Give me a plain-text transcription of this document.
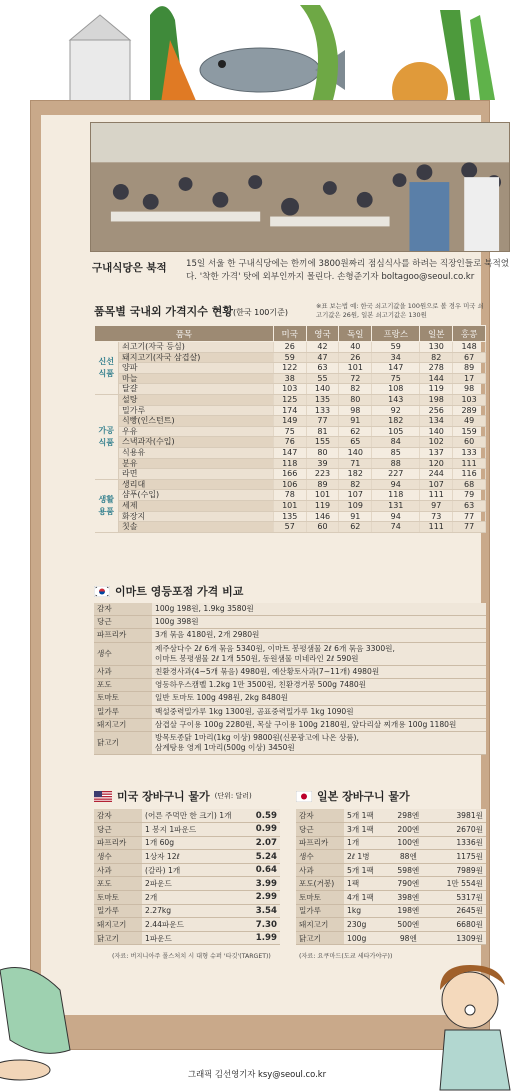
구내식당은 북적 15일 서울 한 구내식당에는 한끼에 3800원짜리 점심식사를 하려는 직장인들로 북적였다. '착한 가격' 탓에 외부인까지 몰린다. 손형준기자 boltagoo@seoul.co.kr
품목별 국내외 가격지수 현황(한국 100기준)
※표 보는법 예: 한국 쇠고기값을 100원으로 볼 경우 미국 쇠고기값은 26원, 일본 쇠고기값은 130원
품목		미국	영국	독일	프랑스	일본	홍콩
신선 식품	쇠고기(자국 등심)	26	42	40	59	130	148
	돼지고기(자국 삼겹살)	59	47	26	34	82	67
	양파	122	63	101	147	278	89
	마늘	38	55	72	75	144	17
	달걀	103	140	82	108	119	98
가공 식품	설탕	125	135	80	143	198	103
	밀가루	174	133	98	92	256	289
	식빵(인스턴트)	149	77	91	182	134	49
	우유	75	81	62	105	140	159
	스낵과자(수입)	76	155	65	84	102	60
	식용유	147	80	140	85	137	133
	분유	118	39	71	88	120	111
	라면	166	223	182	227	244	116
생활 용품	생리대	106	89	82	94	107	68
	샴푸(수입)	78	101	107	118	111	79
	세제	101	119	109	131	97	63
	화장지	135	146	91	94	73	77
	칫솔	57	60	62	74	111	77
이마트 영등포점 가격 비교
감자	100g 198원, 1.9kg 3580원
당근	100g 398원
파프리카	3개 묶음 4180원, 2개 2980원
생수	제주삼다수 2ℓ 6개 묶음 5340원, 이마트 봉평샘물 2ℓ 6개 묶음 3300원,
이마트 봉평샘물 2ℓ 1개 550원, 동원샘물 미네라인 2ℓ 590원
사과	친환경사과(4~5개 묶음) 4980원, 예산황토사과(7~11개) 4980원
포도	영동하우스캠벨 1.2kg 1만 3500원, 친환경거봉 500g 7480원
토마토	일반 토마토 100g 498원, 2kg 8480원
밀가루	백설중력밀가루 1kg 1300원, 곰표중력밀가루 1kg 1090원
돼지고기	삼겹살 구이용 100g 2280원, 목살 구이용 100g 2180원, 앞다리살 찌개용 100g 1180원
닭고기	방목토종닭 1마리(1kg 이상) 9800원(신문광고에 나온 상품),
삼계탕용 영계 1마리(500g 이상) 3450원
미국 장바구니 물가 (단위: 달러)	일본 장바구니 물가
감자	(어른 주먹만 한 크기) 1개	0.59
당근	1 봉지 1파운드	0.99
파프리카	1개 60g	2.07
생수	1상자 12ℓ	5.24
사과	(갈라) 1개	0.64
포도	2파운드	3.99
토마토	2개	2.99
밀가루	2.27kg	3.54
돼지고기	2.44파운드	7.30
닭고기	1파운드	1.99
감자	5개 1팩	298엔	3981원
당근	3개 1팩	200엔	2670원
파프리카	1개	100엔	1336원
생수	2ℓ 1병	88엔	1175원
사과	5개 1팩	598엔	7989원
포도(거봉)	1팩	790엔	1만 554원
토마토	4개 1팩	398엔	5317원
밀가루	1kg	198엔	2645원
돼지고기	230g	500엔	6680원
닭고기	100g	98엔	1309원
(자료: 버지니아주 폴스처치 시 대형 슈퍼 '타깃'(TARGET))	(자료: 요쿠마드(도쿄 세타가야구))
그래픽 김선영기자 ksy@seoul.co.kr
